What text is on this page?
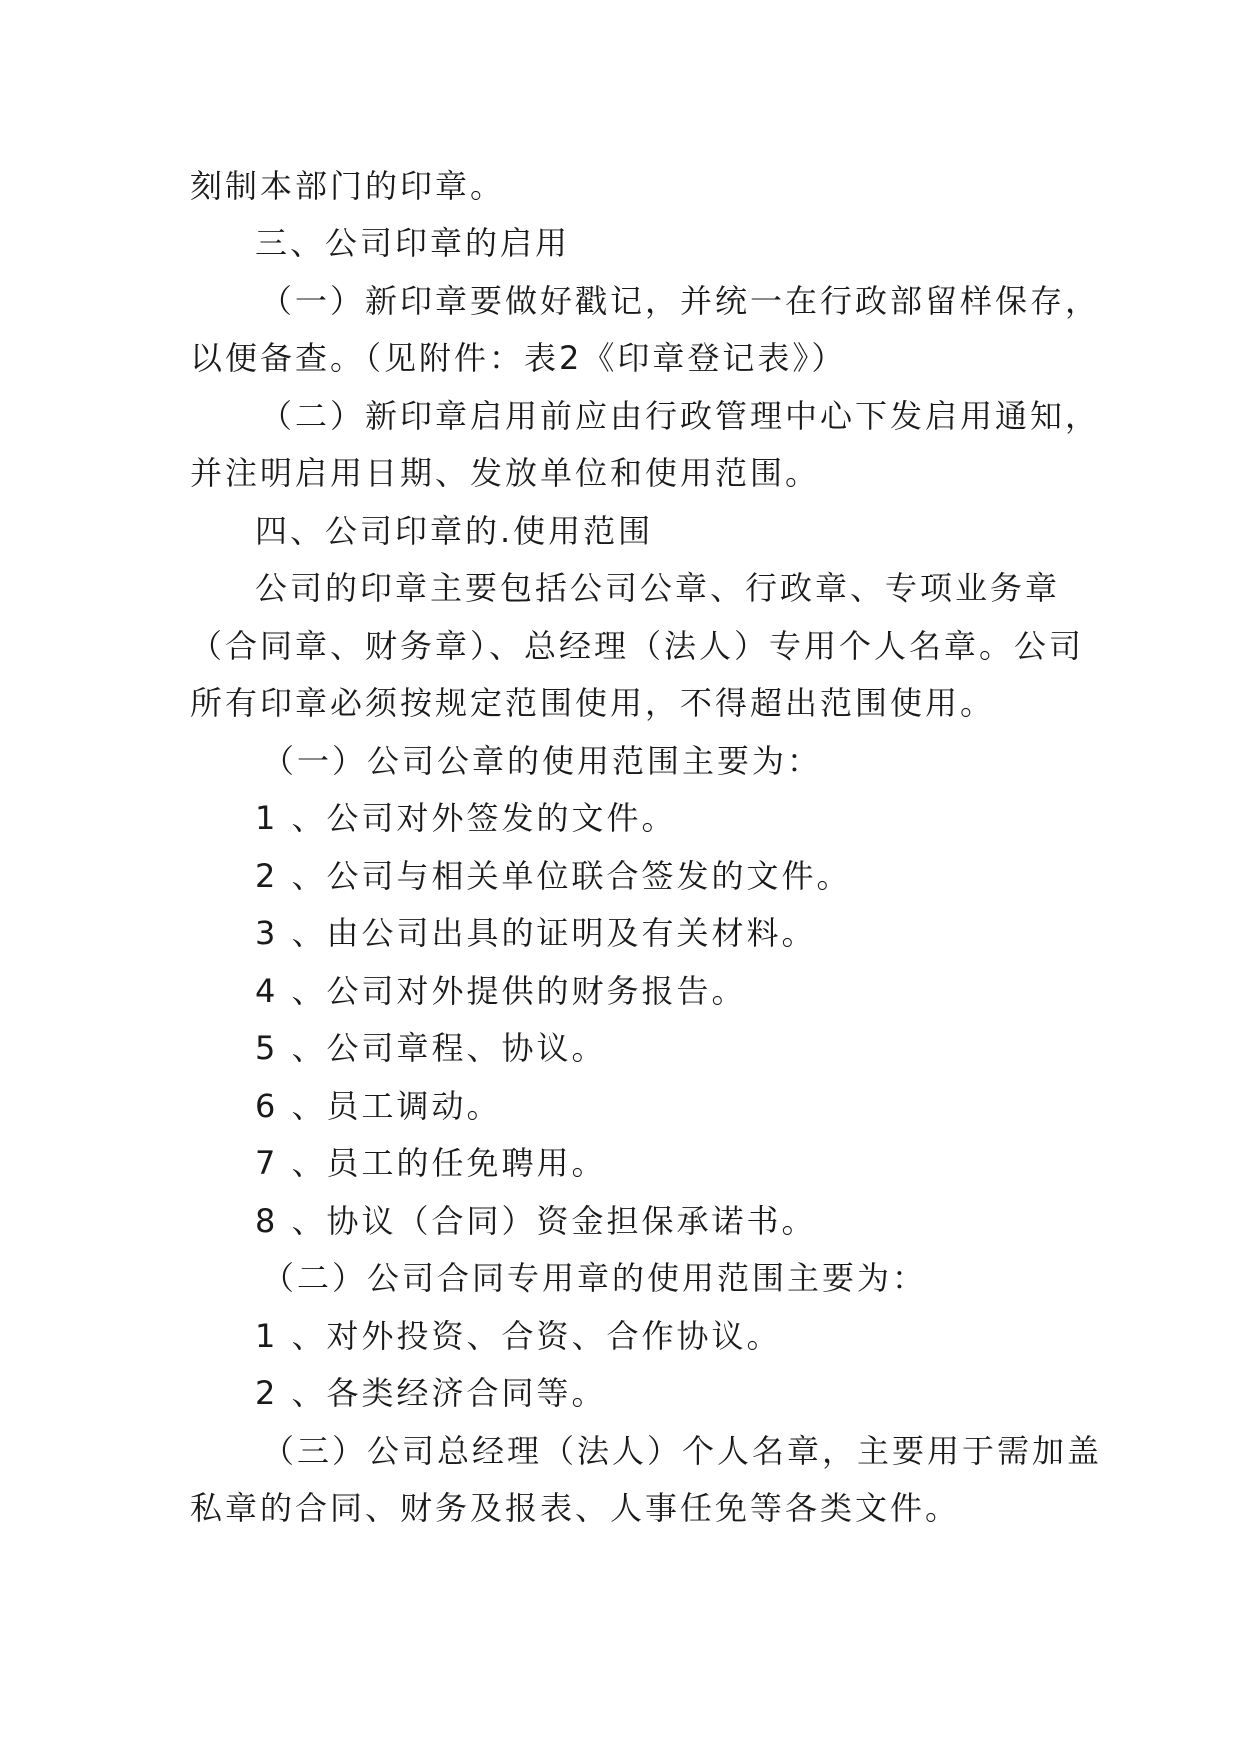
刻制本部门的印章。
三、公司印章的启用
（一）新印章要做好戳记，并统一在行政部留样保存，
以便备查。（见附件：表2《印章登记表》）
（二）新印章启用前应由行政管理中心下发启用通知，
并注明启用日期、发放单位和使用范围。
四、公司印章的.使用范围
公司的印章主要包括公司公章、行政章、专项业务章
（合同章、财务章）、总经理（法人）专用个人名章。公司
所有印章必须按规定范围使用，不得超出范围使用。
（一）公司公章的使用范围主要为：
1 、公司对外签发的文件。
2 、公司与相关单位联合签发的文件。
3 、由公司出具的证明及有关材料。
4 、公司对外提供的财务报告。
5 、公司章程、协议。
6 、员工调动。
7 、员工的任免聘用。
8 、协议（合同）资金担保承诺书。
（二）公司合同专用章的使用范围主要为：
1 、对外投资、合资、合作协议。
2 、各类经济合同等。
（三）公司总经理（法人）个人名章，主要用于需加盖
私章的合同、财务及报表、人事任免等各类文件。
